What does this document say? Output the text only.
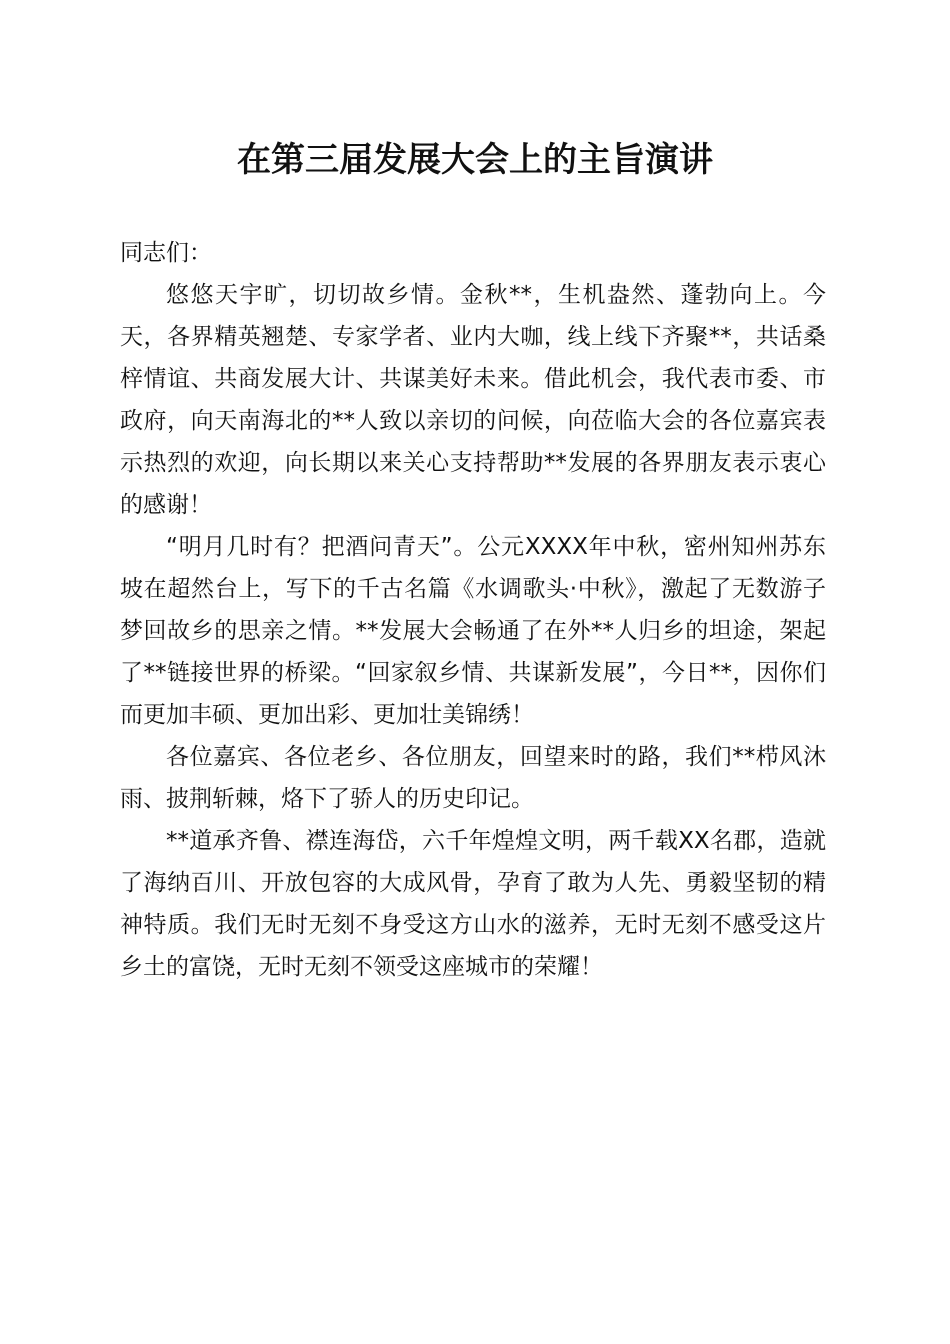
在第三届发展大会上的主旨演讲

同志们：

悠悠天宇旷，切切故乡情。金秋**，生机盎然、蓬勃向上。今天，各界精英翘楚、专家学者、业内大咖，线上线下齐聚**，共话桑梓情谊、共商发展大计、共谋美好未来。借此机会，我代表市委、市政府，向天南海北的**人致以亲切的问候，向莅临大会的各位嘉宾表示热烈的欢迎，向长期以来关心支持帮助**发展的各界朋友表示衷心的感谢！

“明月几时有？把酒问青天”。公元XXXX年中秋，密州知州苏东坡在超然台上，写下的千古名篇《水调歌头·中秋》，激起了无数游子梦回故乡的思亲之情。**发展大会畅通了在外**人归乡的坦途，架起了**链接世界的桥梁。“回家叙乡情、共谋新发展”，今日**，因你们而更加丰硕、更加出彩、更加壮美锦绣！

各位嘉宾、各位老乡、各位朋友，回望来时的路，我们**栉风沐雨、披荆斩棘，烙下了骄人的历史印记。

**道承齐鲁、襟连海岱，六千年煌煌文明，两千载XX名郡，造就了海纳百川、开放包容的大成风骨，孕育了敢为人先、勇毅坚韧的精神特质。我们无时无刻不身受这方山水的滋养，无时无刻不感受这片乡土的富饶，无时无刻不领受这座城市的荣耀！
